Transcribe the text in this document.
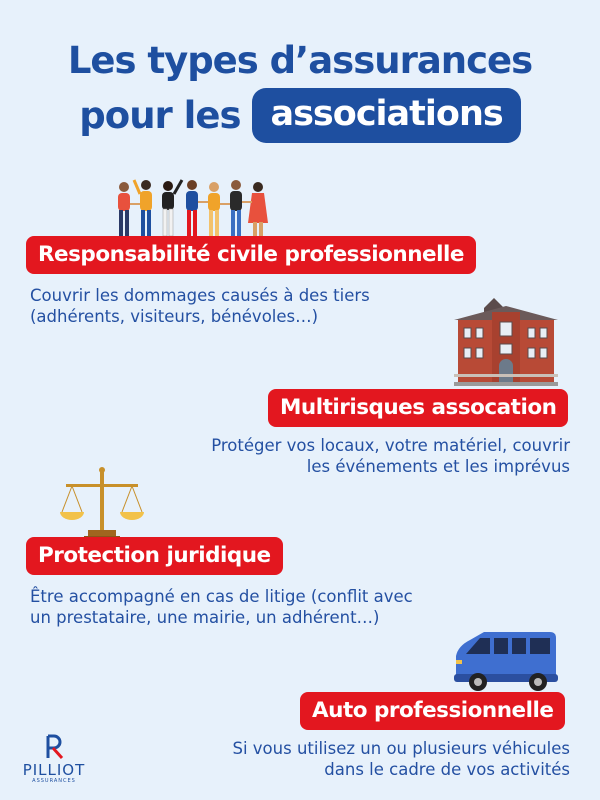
Les types d’assurances
pour les associations
Responsabilité civile professionnelle
Couvrir les dommages causés à des tiers
(adhérents, visiteurs, bénévoles…)
Multirisques assocation
Protéger vos locaux, votre matériel, couvrir
les événements et les imprévus
Protection juridique
Être accompagné en cas de litige (conflit avec
un prestataire, une mairie, un adhérent…)
Auto professionnelle
Si vous utilisez un ou plusieurs véhicules
dans le cadre de vos activités
PILLIOT
ASSURANCES
